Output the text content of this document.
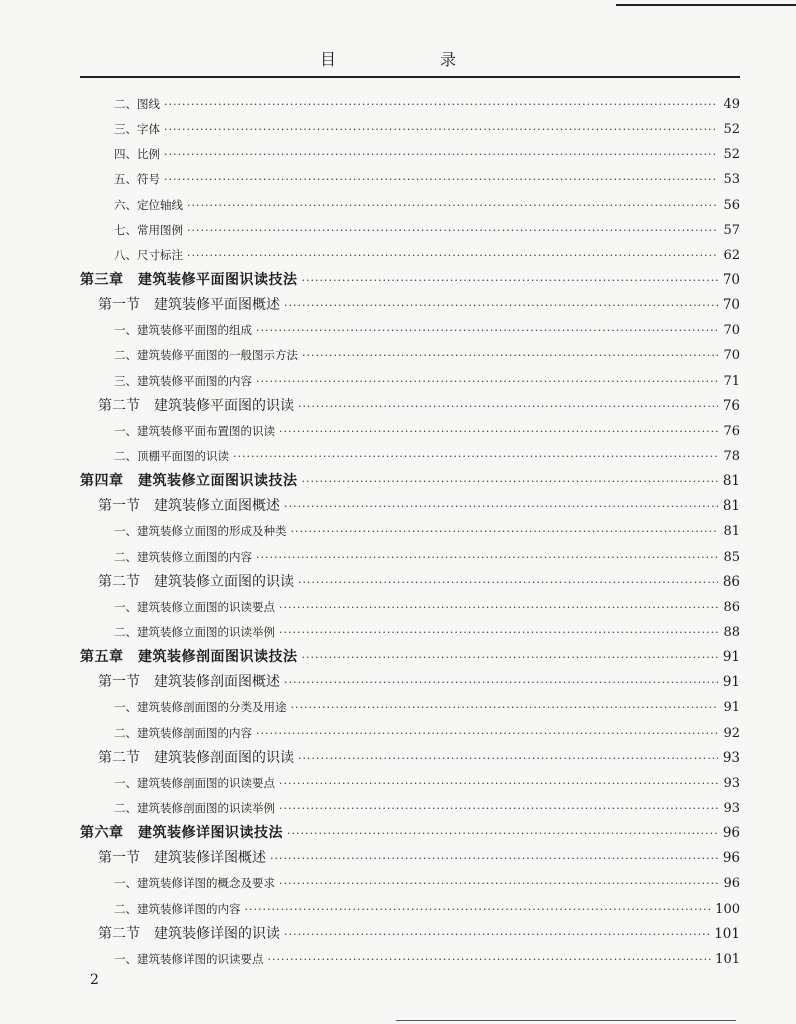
目　录
二、图线 ·····	49
三、字体 ·····	52
四、比例 ·····	52
五、符号 ·····	53
六、定位轴线 ·····	56
七、常用图例 ·····	57
八、尺寸标注 ·····	62
第三章　建筑装修平面图识读技法 ·····	70
第一节　建筑装修平面图概述 ·····	70
一、建筑装修平面图的组成 ·····	70
二、建筑装修平面图的一般图示方法 ·····	70
三、建筑装修平面图的内容 ·····	71
第二节　建筑装修平面图的识读 ·····	76
一、建筑装修平面布置图的识读 ·····	76
二、顶棚平面图的识读 ·····	78
第四章　建筑装修立面图识读技法 ·····	81
第一节　建筑装修立面图概述 ·····	81
一、建筑装修立面图的形成及种类 ·····	81
二、建筑装修立面图的内容 ·····	85
第二节　建筑装修立面图的识读 ·····	86
一、建筑装修立面图的识读要点 ·····	86
二、建筑装修立面图的识读举例 ·····	88
第五章　建筑装修剖面图识读技法 ·····	91
第一节　建筑装修剖面图概述 ·····	91
一、建筑装修剖面图的分类及用途 ·····	91
二、建筑装修剖面图的内容 ·····	92
第二节　建筑装修剖面图的识读 ·····	93
一、建筑装修剖面图的识读要点 ·····	93
二、建筑装修剖面图的识读举例 ·····	93
第六章　建筑装修详图识读技法 ·····	96
第一节　建筑装修详图概述 ·····	96
一、建筑装修详图的概念及要求 ·····	96
二、建筑装修详图的内容 ·····	100
第二节　建筑装修详图的识读 ·····	101
一、建筑装修详图的识读要点 ·····	101
2
